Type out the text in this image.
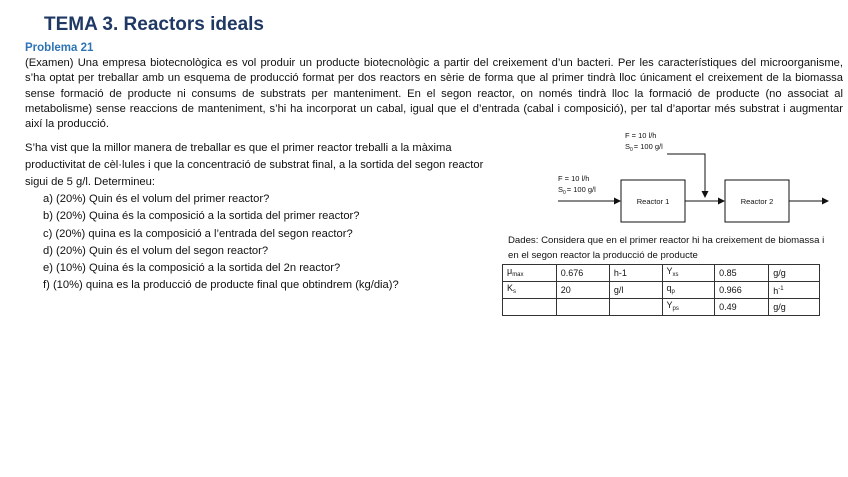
TEMA 3. Reactors ideals
Problema 21

(Examen) Una empresa biotecnològica es vol produir un producte biotecnològic a partir del creixement d’un bacteri. Per les característiques del microorganisme, s’ha optat per treballar amb un esquema de producció format per dos reactors en sèrie de forma que al primer tindrà lloc únicament el creixement de la biomassa sense formació de producte ni consums de substrats per manteniment. En el segon reactor, on només tindrà lloc la formació de producte (no associat al metabolisme) sense reaccions de manteniment, s’hi ha incorporat un cabal, igual que el d’entrada (cabal i composició), per tal d’aportar més substrat i augmentar així la producció.

S’ha vist que la millor manera de treballar es que el primer reactor treballi a la màxima productivitat de cèl·lules i que la concentració de substrat final, a la sortida del segon reactor sigui de 5 g/l. Determineu:

a) (20%) Quin és el volum del primer reactor?
b) (20%) Quina és la composició a la sortida del primer reactor?
c) (20%) quina es la composició a l’entrada del segon reactor?
d) (20%) Quin és el volum del segon reactor?
e) (10%) Quina és la composició a la sortida del 2n reactor?
f) (10%) quina es la producció de producte final que obtindrem (kg/dia)?
F = 10 l/h
$S_0= 100$ g/l
F = 10 l/h
$S_0= 100$ g/l
Reactor 1	Reactor 2

Dades: Considera que en el primer reactor hi ha creixement de biomassa i en el segon reactor la producció de producte

$\mu_{max}$	0.676	h-1	$Y_{xs}$	0.85	g/g
$K_s$	20	g/l	$q_p$	0.966	$h^{-1}$
			$Y_{ps}$	0.49	g/g
